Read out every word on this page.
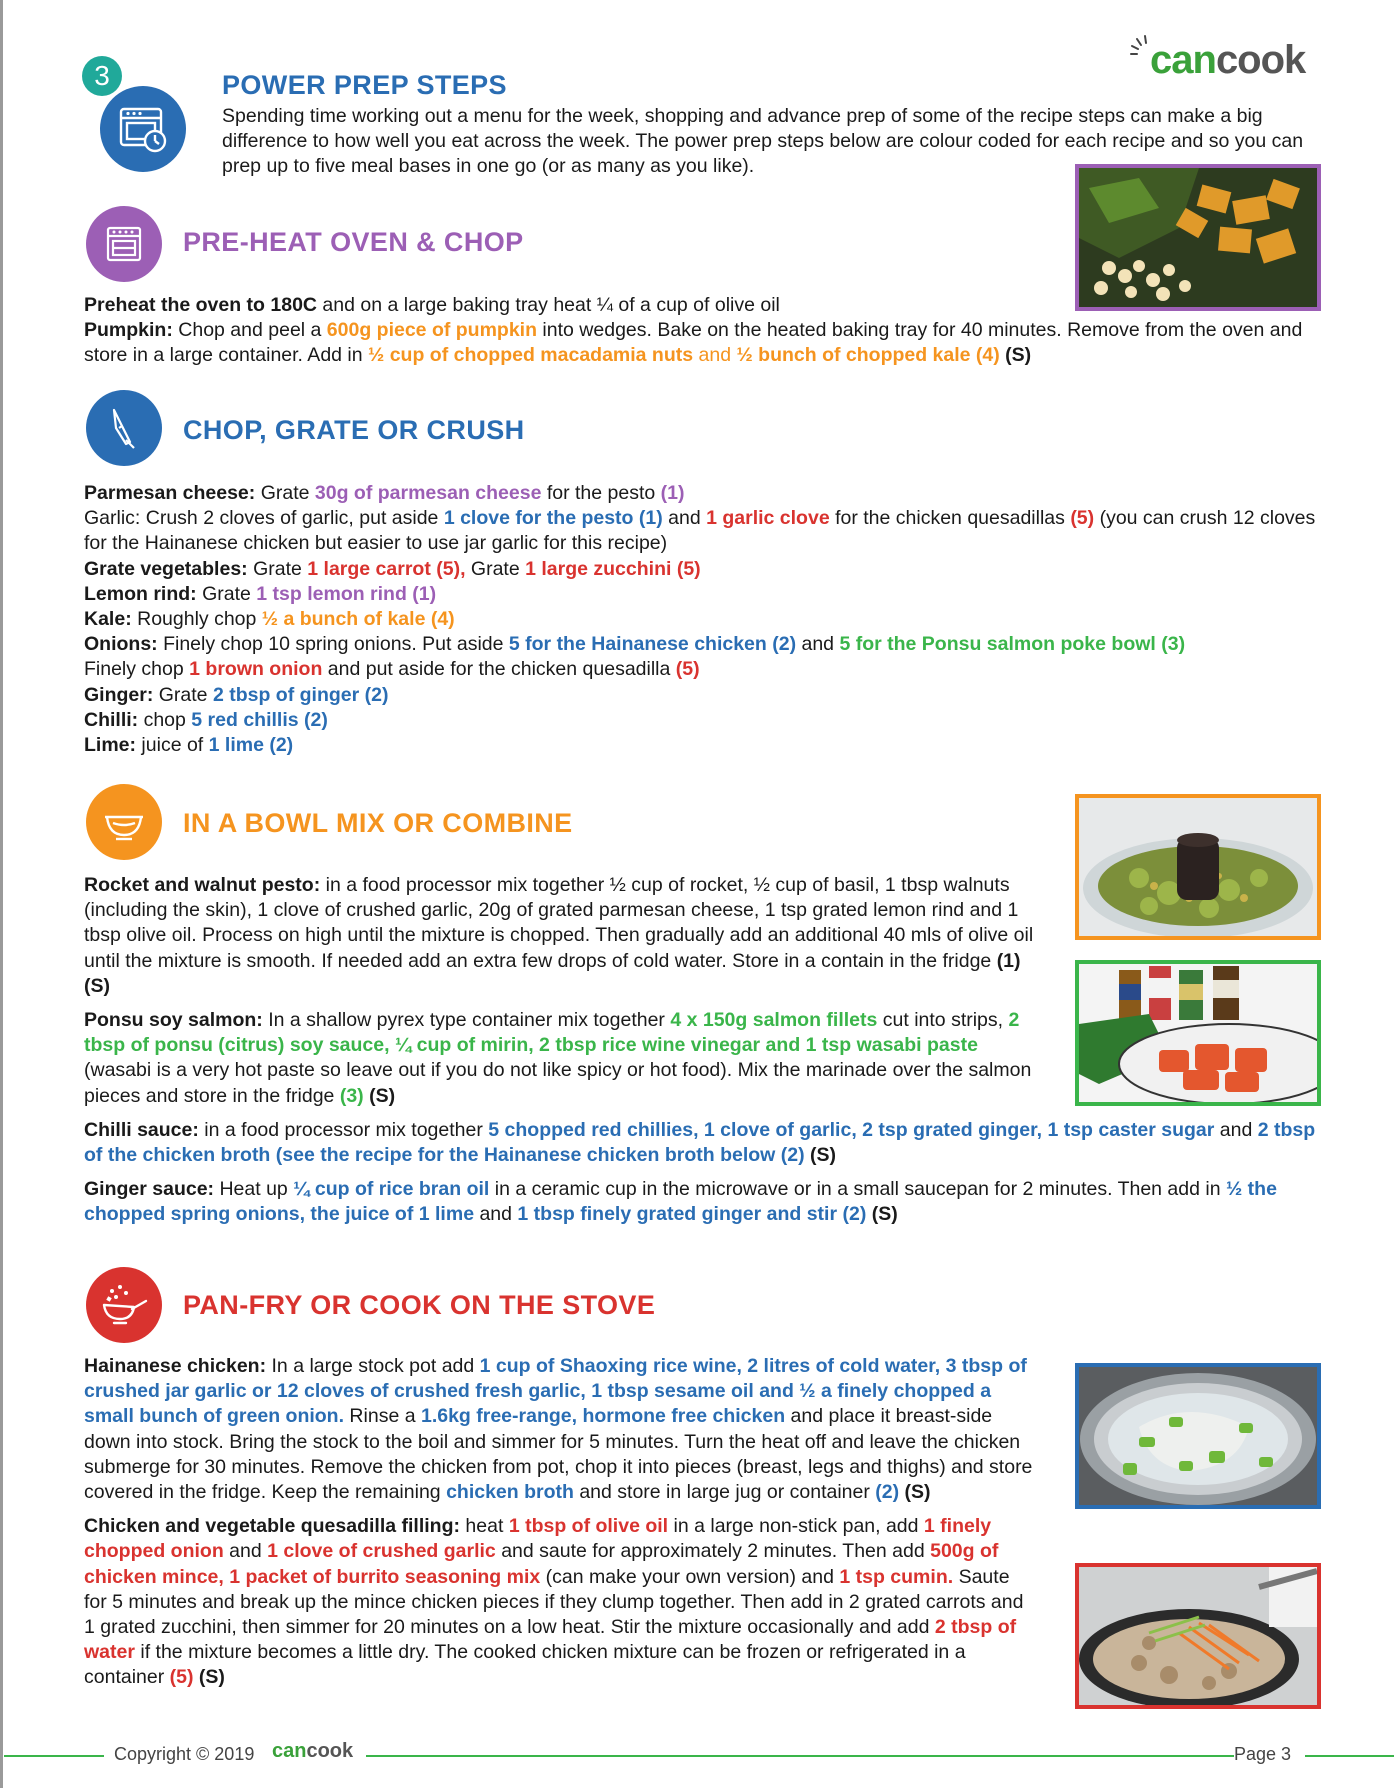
cancook
3	POWER PREP STEPS
Spending time working out a menu for the week, shopping and advance prep of some of the recipe steps can make a big difference to how well you eat across the week. The power prep steps below are colour coded for each recipe and so you can prep up to five meal bases in one go (or as many as you like).
PRE-HEAT OVEN & CHOP

Preheat the oven to 180C and on a large baking tray heat ¼ of a cup of olive oil

Pumpkin: Chop and peel a 600g piece of pumpkin into wedges. Bake on the heated baking tray for 40 minutes. Remove from the oven and store in a large container. Add in ½ cup of chopped macadamia nuts and ½ bunch of chopped kale (4) (S)

CHOP, GRATE OR CRUSH

Parmesan cheese: Grate 30g of parmesan cheese for the pesto (1)

Garlic: Crush 2 cloves of garlic, put aside 1 clove for the pesto (1) and 1 garlic clove for the chicken quesadillas (5) (you can crush 12 cloves for the Hainanese chicken but easier to use jar garlic for this recipe)

Grate vegetables: Grate 1 large carrot (5), Grate 1 large zucchini (5)

Lemon rind: Grate 1 tsp lemon rind (1)

Kale: Roughly chop ½ a bunch of kale (4)

Onions: Finely chop 10 spring onions. Put aside 5 for the Hainanese chicken (2) and 5 for the Ponsu salmon poke bowl (3)

Finely chop 1 brown onion and put aside for the chicken quesadilla (5)

Ginger: Grate 2 tbsp of ginger (2)

Chilli: chop 5 red chillis (2)

Lime: juice of 1 lime (2)

IN A BOWL MIX OR COMBINE

Rocket and walnut pesto: in a food processor mix together ½ cup of rocket, ½ cup of basil, 1 tbsp walnuts (including the skin), 1 clove of crushed garlic, 20g of grated parmesan cheese, 1 tsp grated lemon rind and 1 tbsp olive oil. Process on high until the mixture is chopped. Then gradually add an additional 40 mls of olive oil until the mixture is smooth. If needed add an extra few drops of cold water. Store in a contain in the fridge (1) (S)

Ponsu soy salmon: In a shallow pyrex type container mix together 4 x 150g salmon fillets cut into strips, 2 tbsp of ponsu (citrus) soy sauce, ¼ cup of mirin, 2 tbsp rice wine vinegar and 1 tsp wasabi paste (wasabi is a very hot paste so leave out if you do not like spicy or hot food). Mix the marinade over the salmon pieces and store in the fridge (3) (S)

Chilli sauce: in a food processor mix together 5 chopped red chillies, 1 clove of garlic, 2 tsp grated ginger, 1 tsp caster sugar and 2 tbsp of the chicken broth (see the recipe for the Hainanese chicken broth below (2) (S)

Ginger sauce: Heat up ¼ cup of rice bran oil in a ceramic cup in the microwave or in a small saucepan for 2 minutes. Then add in ½ the chopped spring onions, the juice of 1 lime and 1 tbsp finely grated ginger and stir (2) (S)

PAN-FRY OR COOK ON THE STOVE

Hainanese chicken: In a large stock pot add 1 cup of Shaoxing rice wine, 2 litres of cold water, 3 tbsp of crushed jar garlic or 12 cloves of crushed fresh garlic, 1 tbsp sesame oil and ½ a finely chopped a small bunch of green onion. Rinse a 1.6kg free-range, hormone free chicken and place it breast-side down into stock. Bring the stock to the boil and simmer for 5 minutes. Turn the heat off and leave the chicken submerge for 30 minutes. Remove the chicken from pot, chop it into pieces (breast, legs and thighs) and store covered in the fridge. Keep the remaining chicken broth and store in large jug or container (2) (S)

Chicken and vegetable quesadilla filling: heat 1 tbsp of olive oil in a large non-stick pan, add 1 finely chopped onion and 1 clove of crushed garlic and saute for approximately 2 minutes. Then add 500g of chicken mince, 1 packet of burrito seasoning mix (can make your own version) and 1 tsp cumin. Saute for 5 minutes and break up the mince chicken pieces if they clump together. Then add in 2 grated carrots and 1 grated zucchini, then simmer for 20 minutes on a low heat. Stir the mixture occasionally and add 2 tbsp of water if the mixture becomes a little dry. The cooked chicken mixture can be frozen or refrigerated in a container (5) (S)

Copyright © 2019 cancook	Page 3
